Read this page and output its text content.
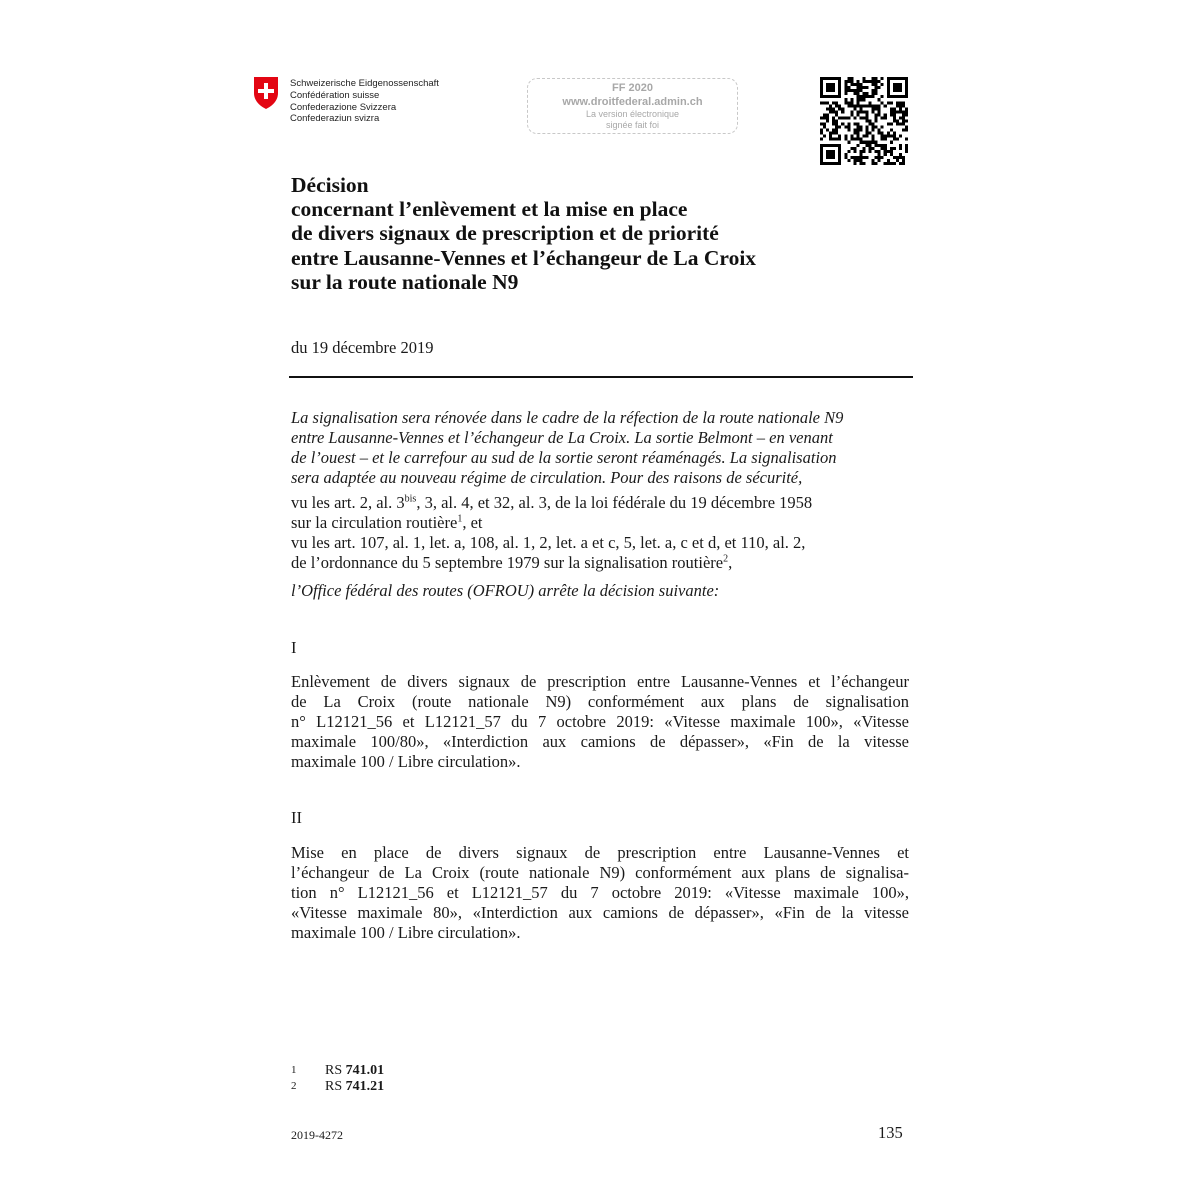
Schweizerische Eidgenossenschaft
Confédération suisse
Confederazione Svizzera
Confederaziun svizra
FF 2020
www.droitfederal.admin.ch
La version électronique
signée fait foi
Décision
concernant l’enlèvement et la mise en place
de divers signaux de prescription et de priorité
entre Lausanne-Vennes et l’échangeur de La Croix
sur la route nationale N9
du 19 décembre 2019
La signalisation sera rénovée dans le cadre de la réfection de la route nationale N9
entre Lausanne-Vennes et l’échangeur de La Croix. La sortie Belmont – en venant
de l’ouest – et le carrefour au sud de la sortie seront réaménagés. La signalisation
sera adaptée au nouveau régime de circulation. Pour des raisons de sécurité,
vu les art. 2, al. $3^{bis}$, 3, al. 4, et 32, al. 3, de la loi fédérale du 19 décembre 1958
sur la circulation routière$^1$, et
vu les art. 107, al. 1, let. a, 108, al. 1, 2, let. a et c, 5, let. a, c et d, et 110, al. 2,
de l’ordonnance du 5 septembre 1979 sur la signalisation routière$^2$,
l’Office fédéral des routes (OFROU) arrête la décision suivante:
I
Enlèvement de divers signaux de prescription entre Lausanne-Vennes et l’échangeur
de La Croix (route nationale N9) conformément aux plans de signalisation
n° L12121_56 et L12121_57 du 7 octobre 2019: «Vitesse maximale 100», «Vitesse
maximale 100/80», «Interdiction aux camions de dépasser», «Fin de la vitesse
maximale 100 / Libre circulation».
II
Mise en place de divers signaux de prescription entre Lausanne-Vennes et
l’échangeur de La Croix (route nationale N9) conformément aux plans de signalisa-
tion n° L12121_56 et L12121_57 du 7 octobre 2019: «Vitesse maximale 100»,
«Vitesse maximale 80», «Interdiction aux camions de dépasser», «Fin de la vitesse
maximale 100 / Libre circulation».
1	RS 741.01
2	RS 741.21
2019-4272	135
